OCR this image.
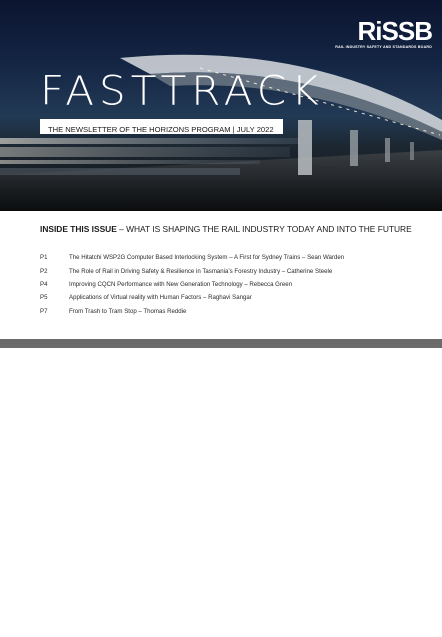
RiSSB
RAIL INDUSTRY SAFETY AND STANDARDS BOARD
FASTTRACK
THE NEWSLETTER OF THE HORIZONS PROGRAM | JULY 2022
INSIDE THIS ISSUE – WHAT IS SHAPING THE RAIL INDUSTRY TODAY AND INTO THE FUTURE
P1	The Hitatchi WSP2G Computer Based Interlocking System – A First for Sydney Trains – Sean Warden
P2	The Role of Rail in Driving Safety & Resilience in Tasmania’s Forestry Industry – Catherine Steele
P4	Improving CQCN Performance with New Generation Technology – Rebecca Green
P5	Applications of Virtual reality with Human Factors – Raghavi Sangar
P7	From Trash to Tram Stop – Thomas Reddie
